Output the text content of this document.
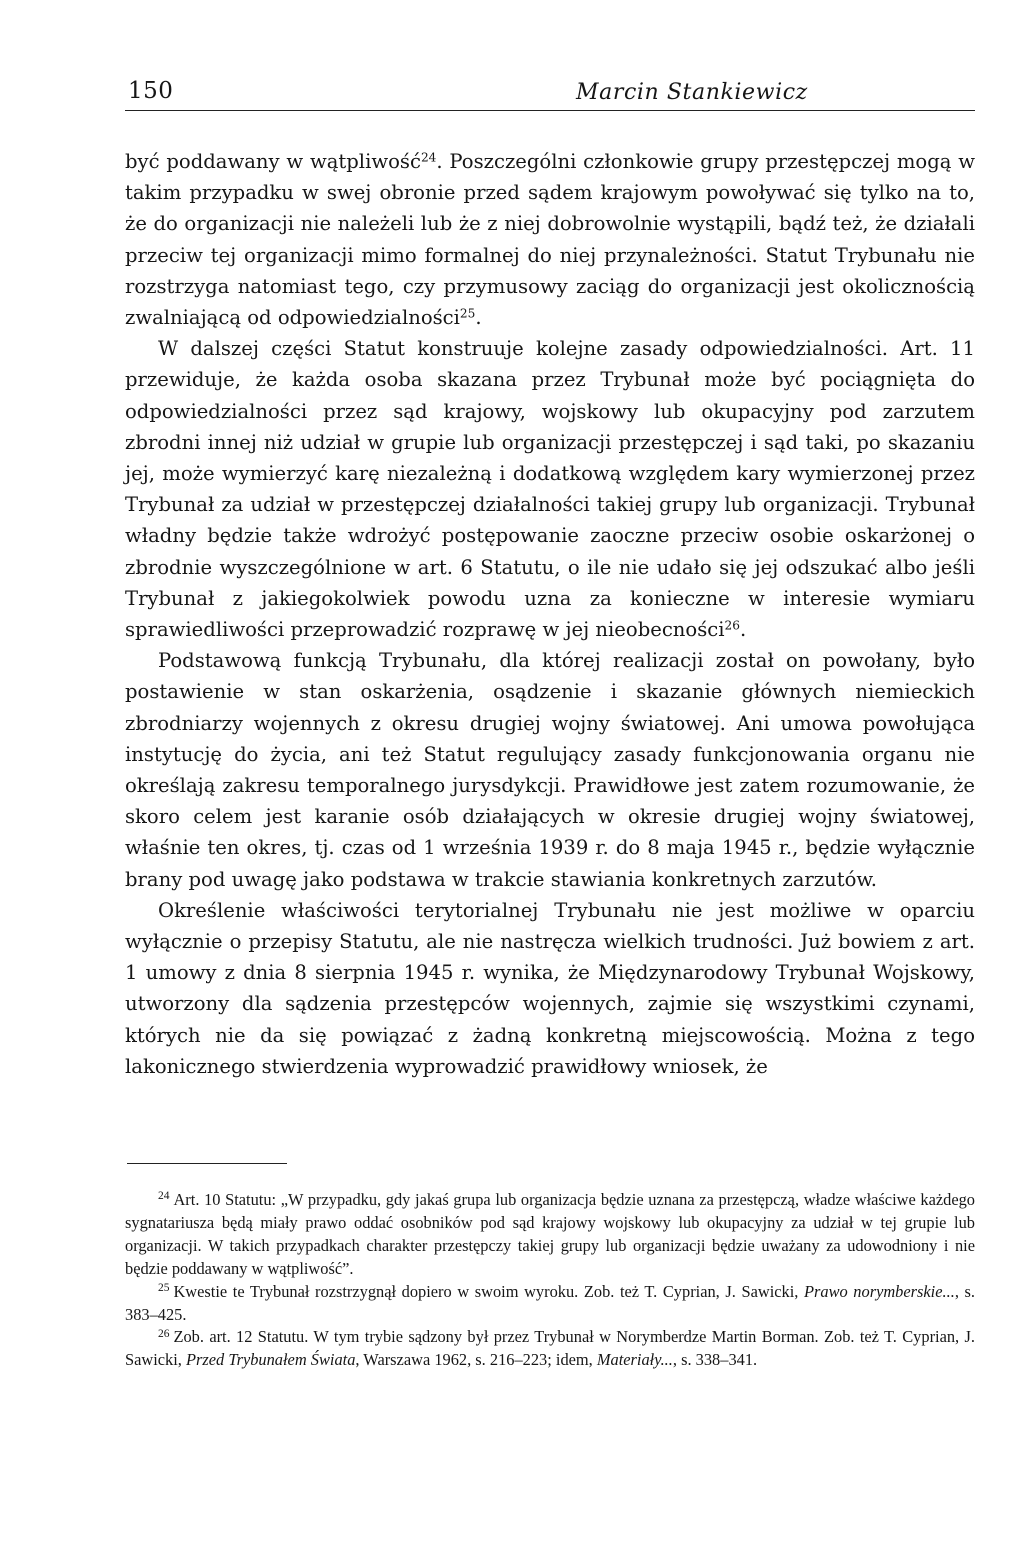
150	Marcin Stankiewicz

być poddawany w wątpliwość$^{24}$. Poszczególni członkowie grupy przestępczej mogą w takim przypadku w swej obronie przed sądem krajowym powoływać się tylko na to, że do organizacji nie należeli lub że z niej dobrowolnie wystąpili, bądź też, że działali przeciw tej organizacji mimo formalnej do niej przynależności. Statut Trybunału nie rozstrzyga natomiast tego, czy przymusowy zaciąg do organizacji jest okolicznością zwalniającą od odpowiedzialności$^{25}$.

W dalszej części Statut konstruuje kolejne zasady odpowiedzialności. Art. 11 przewiduje, że każda osoba skazana przez Trybunał może być pociągnięta do odpowiedzialności przez sąd krajowy, wojskowy lub okupacyjny pod zarzutem zbrodni innej niż udział w grupie lub organizacji przestępczej i sąd taki, po skazaniu jej, może wymierzyć karę niezależną i dodatkową względem kary wymierzonej przez Trybunał za udział w przestępczej działalności takiej grupy lub organizacji. Trybunał władny będzie także wdrożyć postępowanie zaoczne przeciw osobie oskarżonej o zbrodnie wyszczególnione w art. 6 Statutu, o ile nie udało się jej odszukać albo jeśli Trybunał z jakiegokolwiek powodu uzna za konieczne w interesie wymiaru sprawiedliwości przeprowadzić rozprawę w jej nieobecności$^{26}$.

Podstawową funkcją Trybunału, dla której realizacji został on powołany, było postawienie w stan oskarżenia, osądzenie i skazanie głównych niemieckich zbrodniarzy wojennych z okresu drugiej wojny światowej. Ani umowa powołująca instytucję do życia, ani też Statut regulujący zasady funkcjonowania organu nie określają zakresu temporalnego jurysdykcji. Prawidłowe jest zatem rozumowanie, że skoro celem jest karanie osób działających w okresie drugiej wojny światowej, właśnie ten okres, tj. czas od 1 września 1939 r. do 8 maja 1945 r., będzie wyłącznie brany pod uwagę jako podstawa w trakcie stawiania konkretnych zarzutów.

Określenie właściwości terytorialnej Trybunału nie jest możliwe w oparciu wyłącznie o przepisy Statutu, ale nie nastręcza wielkich trudności. Już bowiem z art. 1 umowy z dnia 8 sierpnia 1945 r. wynika, że Międzynarodowy Trybunał Wojskowy, utworzony dla sądzenia przestępców wojennych, zajmie się wszystkimi czynami, których nie da się powiązać z żadną konkretną miejscowością. Można z tego lakonicznego stwierdzenia wyprowadzić prawidłowy wniosek, że

$^{24}$ Art. 10 Statutu: „W przypadku, gdy jakaś grupa lub organizacja będzie uznana za przestępczą, władze właściwe każdego sygnatariusza będą miały prawo oddać osobników pod sąd krajowy wojskowy lub okupacyjny za udział w tej grupie lub organizacji. W takich przypadkach charakter przestępczy takiej grupy lub organizacji będzie uważany za udowodniony i nie będzie poddawany w wątpliwość”.

$^{25}$ Kwestie te Trybunał rozstrzygnął dopiero w swoim wyroku. Zob. też T. Cyprian, J. Sawicki, Prawo norymberskie..., s. 383–425.

$^{26}$ Zob. art. 12 Statutu. W tym trybie sądzony był przez Trybunał w Norymberdze Martin Borman. Zob. też T. Cyprian, J. Sawicki, Przed Trybunałem Świata, Warszawa 1962, s. 216–223; idem, Materiały..., s. 338–341.
